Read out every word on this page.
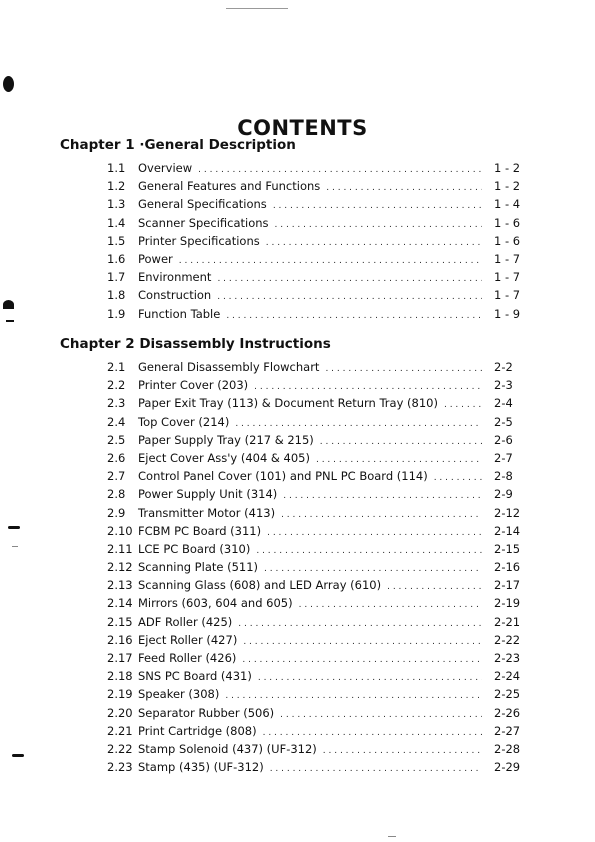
CONTENTS
Chapter 1 ·General Description
1.1	Overview . . .	1 - 2
1.2	General Features and Functions . . .	1 - 2
1.3	General Specifications . . .	1 - 4
1.4	Scanner Specifications . . .	1 - 6
1.5	Printer Specifications . . .	1 - 6
1.6	Power . . .	1 - 7
1.7	Environment . . .	1 - 7
1.8	Construction . . .	1 - 7
1.9	Function Table . . .	1 - 9
Chapter 2 Disassembly Instructions
2.1	General Disassembly Flowchart . . .	2-2
2.2	Printer Cover (203) . . .	2-3
2.3	Paper Exit Tray (113) & Document Return Tray (810) . . .	2-4
2.4	Top Cover (214) . . .	2-5
2.5	Paper Supply Tray (217 & 215) . . .	2-6
2.6	Eject Cover Ass'y (404 & 405) . . .	2-7
2.7	Control Panel Cover (101) and PNL PC Board (114) . . .	2-8
2.8	Power Supply Unit (314) . . .	2-9
2.9	Transmitter Motor (413) . . .	2-12
2.10 FCBM PC Board (311) . . .	2-14
2.11 LCE PC Board (310) . . .	2-15
2.12 Scanning Plate (511) . . .	2-16
2.13 Scanning Glass (608) and LED Array (610) . . .	2-17
2.14 Mirrors (603, 604 and 605) . . .	2-19
2.15 ADF Roller (425) . . .	2-21
2.16 Eject Roller (427) . . .	2-22
2.17 Feed Roller (426) . . .	2-23
2.18 SNS PC Board (431) . . .	2-24
2.19 Speaker (308) . . .	2-25
2.20 Separator Rubber (506) . . .	2-26
2.21 Print Cartridge (808) . . .	2-27
2.22 Stamp Solenoid (437) (UF-312) . . .	2-28
2.23 Stamp (435) (UF-312) . . .	2-29
